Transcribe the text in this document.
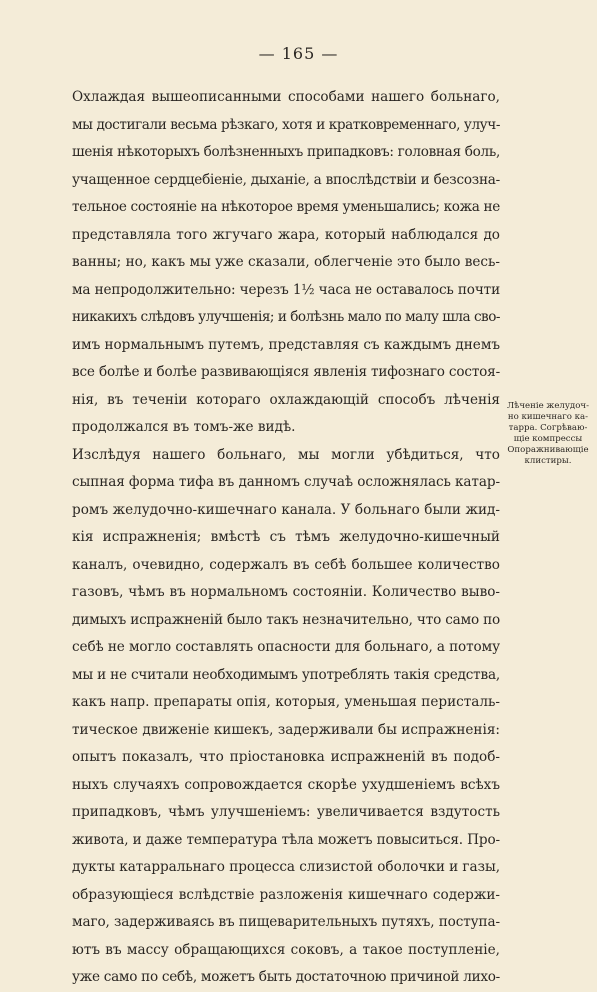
— 165 —
Охлаждая вышеописанными способами нашего больнаго,
мы достигали весьма рѣзкаго, хотя и кратковременнаго, улуч-
шенія нѣкоторыхъ болѣзненныхъ припадковъ: головная боль,
учащенное сердцебіеніе, дыханіе, а впослѣдствіи и безсозна-
тельное состояніе на нѣкоторое время уменьшались; кожа не
представляла того жгучаго жара, который наблюдался до
ванны; но, какъ мы уже сказали, облегченіе это было весь-
ма непродолжительно: черезъ 1½ часа не оставалось почти
никакихъ слѣдовъ улучшенія; и болѣзнь мало по малу шла сво-
имъ нормальнымъ путемъ, представляя съ каждымъ днемъ
все болѣе и болѣе развивающіяся явленія тифознаго состоя-
нія, въ теченіи котораго охлаждающій способъ лѣченія
продолжался въ томъ-же видѣ.
Изслѣдуя нашего больнаго, мы могли убѣдиться, что
сыпная форма тифа въ данномъ случаѣ осложнялась катар-
ромъ желудочно-кишечнаго канала. У больнаго были жид-
кія испражненія; вмѣстѣ съ тѣмъ желудочно-кишечный
каналъ, очевидно, содержалъ въ себѣ большее количество
газовъ, чѣмъ въ нормальномъ состояніи. Количество выво-
димыхъ испражненій было такъ незначительно, что само по
себѣ не могло составлять опасности для больнаго, а потому
мы и не считали необходимымъ употреблять такія средства,
какъ напр. препараты опія, которыя, уменьшая перисталь-
тическое движеніе кишекъ, задерживали бы испражненія:
опытъ показалъ, что пріостановка испражненій въ подоб-
ныхъ случаяхъ сопровождается скорѣе ухудшеніемъ всѣхъ
припадковъ, чѣмъ улучшеніемъ: увеличивается вздутость
живота, и даже температура тѣла можетъ повыситься. Про-
дукты катарральнаго процесса слизистой оболочки и газы,
образующіеся вслѣдствіе разложенія кишечнаго содержи-
маго, задерживаясь въ пищеварительныхъ путяхъ, поступа-
ютъ въ массу обращающихся соковъ, а такое поступленіе,
уже само по себѣ, можетъ быть достаточною причиной лихо-
Лѣченіе желудоч-
но кишечнаго ка-
тарра. Согрѣваю-
щіе компрессы
Опоражнивающіе
клистиры.
